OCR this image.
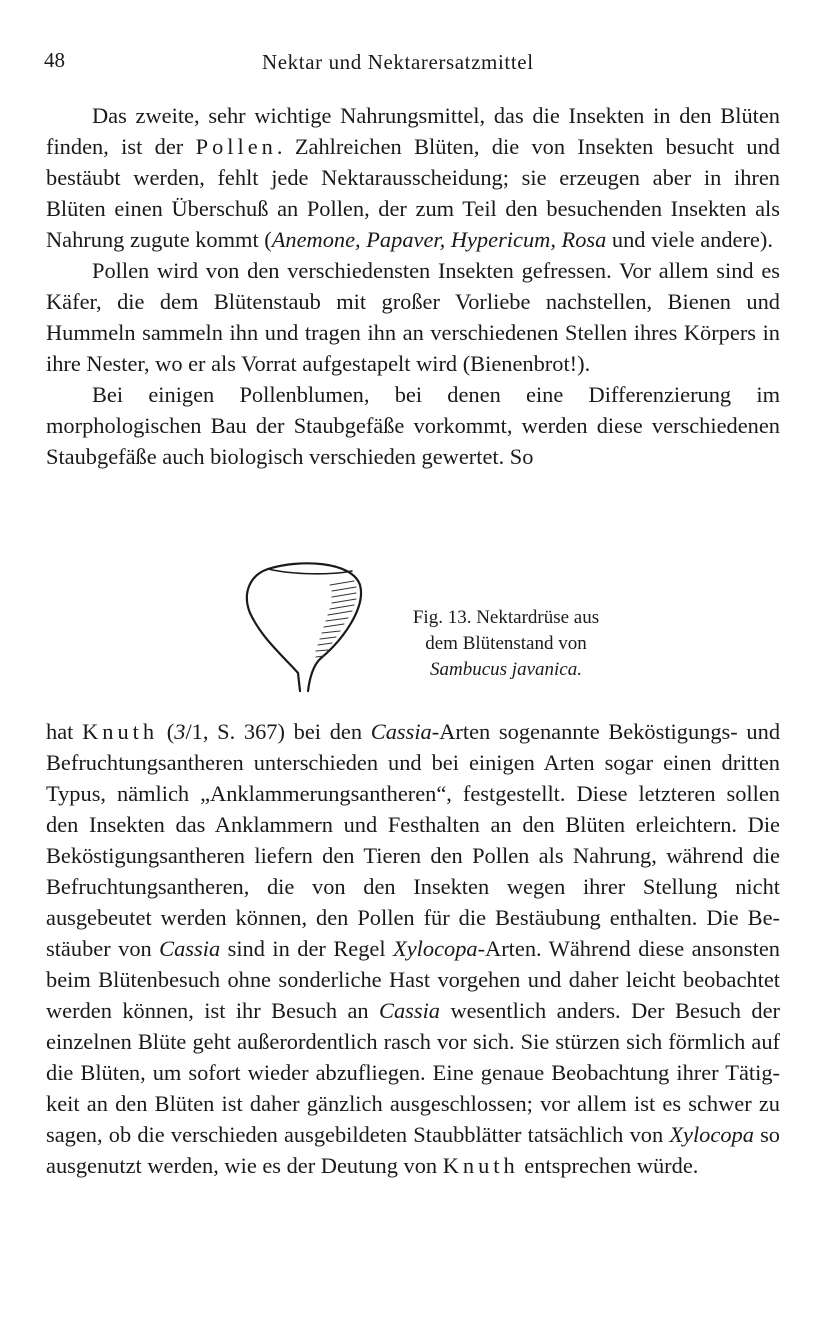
48	Nektar und Nektarersatzmittel

Das zweite, sehr wichtige Nahrungsmittel, das die Insekten in den Blüten finden, ist der Pollen. Zahlreichen Blüten, die von Insekten besucht und bestäubt werden, fehlt jede Nektarausscheidung; sie erzeugen aber in ihren Blüten einen Überschuß an Pollen, der zum Teil den besuchenden Insekten als Nahrung zugute kommt (Anemone, Papaver, Hypericum, Rosa und viele andere).

Pollen wird von den verschiedensten Insekten gefressen. Vor allem sind es Käfer, die dem Blütenstaub mit großer Vorliebe nachstellen, Bienen und Hummeln sammeln ihn und tragen ihn an verschiedenen Stellen ihres Körpers in ihre Nester, wo er als Vorrat aufgestapelt wird (Bienenbrot!).

Bei einigen Pollenblumen, bei denen eine Differenzierung im morphologischen Bau der Staubgefäße vorkommt, werden diese verschiedenen Staubgefäße auch biologisch verschieden gewertet. So

Fig. 13. Nektardrüse aus
dem Blütenstand von
Sambucus javanica.

hat Knuth (3/1, S. 367) bei den Cassia-Arten sogenannte Beköstigungs- und Befruchtungsantheren unterschieden und bei einigen Arten sogar einen dritten Typus, nämlich „Anklammerungsantheren“, festgestellt. Diese letzteren sollen den Insekten das Anklammern und Festhalten an den Blüten erleichtern. Die Beköstigungsantheren liefern den Tieren den Pollen als Nahrung, während die Befruchtungsantheren, die von den Insekten wegen ihrer Stellung nicht ausgebeutet werden können, den Pollen für die Bestäubung enthalten. Die Bestäuber von Cassia sind in der Regel Xylocopa-Arten. Während diese ansonsten beim Blütenbesuch ohne sonderliche Hast vorgehen und daher leicht beobachtet werden können, ist ihr Besuch an Cassia wesentlich anders. Der Besuch der einzelnen Blüte geht außerordentlich rasch vor sich. Sie stürzen sich förmlich auf die Blüten, um sofort wieder abzufliegen. Eine genaue Beobachtung ihrer Tätigkeit an den Blüten ist daher gänzlich ausgeschlossen; vor allem ist es schwer zu sagen, ob die verschieden ausgebildeten Staubblätter tatsächlich von Xylocopa so ausgenutzt werden, wie es der Deutung von Knuth entsprechen würde.
